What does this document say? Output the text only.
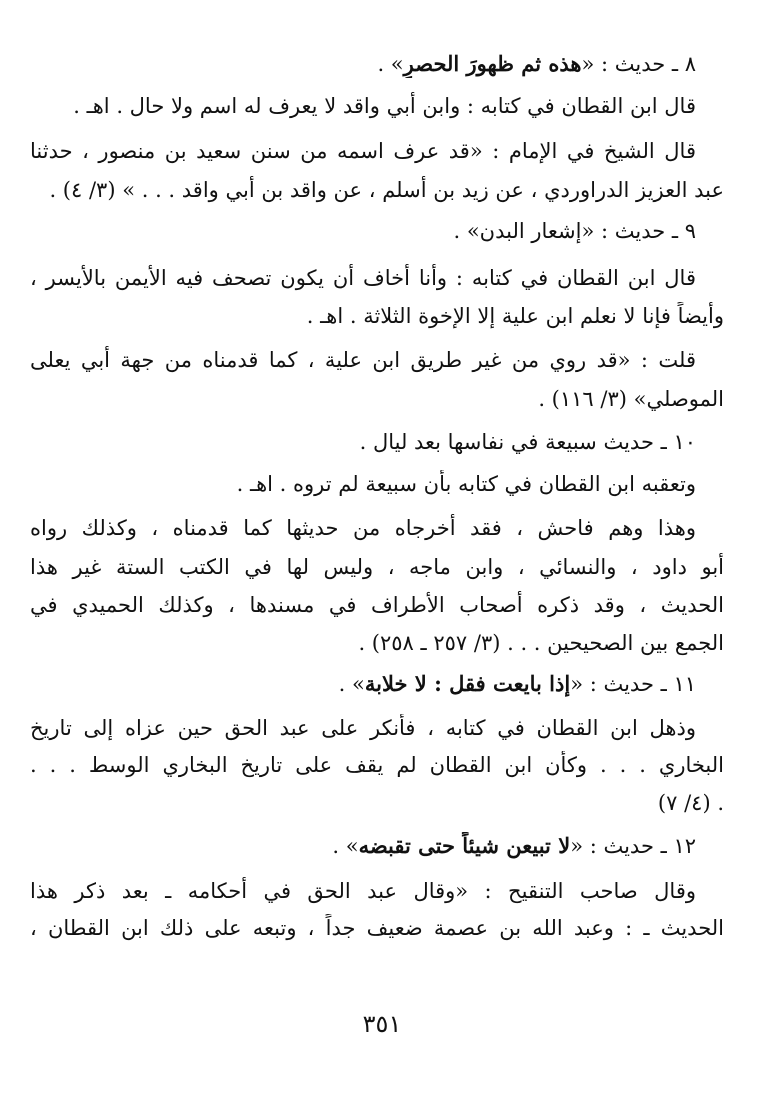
٨ ـ حديث : «هذه ثم ظهورَ الحصرِ» .
قال ابن القطان في كتابه : وابن أبي واقد لا يعرف له اسم ولا حال . اهـ .
قال الشيخ في الإمام : «قد عرف اسمه من سنن سعيد بن منصور ، حدثنا
عبد العزيز الدراوردي ، عن زيد بن أسلم ، عن واقد بن أبي واقد . . . » (٣/ ٤) .
٩ ـ حديث : «إشعار البدن» .
قال ابن القطان في كتابه : وأنا أخاف أن يكون تصحف فيه الأيمن بالأيسر ،
وأيضاً فإنا لا نعلم ابن علية إلا الإخوة الثلاثة . اهـ .
قلت : «قد روي من غير طريق ابن علية ، كما قدمناه من جهة أبي يعلى
الموصلي» (٣/ ١١٦) .
١٠ ـ حديث سبيعة في نفاسها بعد ليال .
وتعقبه ابن القطان في كتابه بأن سبيعة لم تروه . اهـ .
وهذا وهم فاحش ، فقد أخرجاه من حديثها كما قدمناه ، وكذلك رواه
أبو داود ، والنسائي ، وابن ماجه ، وليس لها في الكتب الستة غير هذا
الحديث ، وقد ذكره أصحاب الأطراف في مسندها ، وكذلك الحميدي في
الجمع بين الصحيحين . . . (٣/ ٢٥٧ ـ ٢٥٨) .
١١ ـ حديث : «إذا بايعت فقل : لا خلابة» .
وذهل ابن القطان في كتابه ، فأنكر على عبد الحق حين عزاه إلى تاريخ
البخاري . . . وكأن ابن القطان لم يقف على تاريخ البخاري الوسط . . .
(٤/ ٧) .
١٢ ـ حديث : «لا تبيعن شيئاً حتى تقبضه» .
وقال صاحب التنقيح : «وقال عبد الحق في أحكامه ـ بعد ذكر هذا
الحديث ـ : وعبد الله بن عصمة ضعيف جداً ، وتبعه على ذلك ابن القطان ،
٣٥١
